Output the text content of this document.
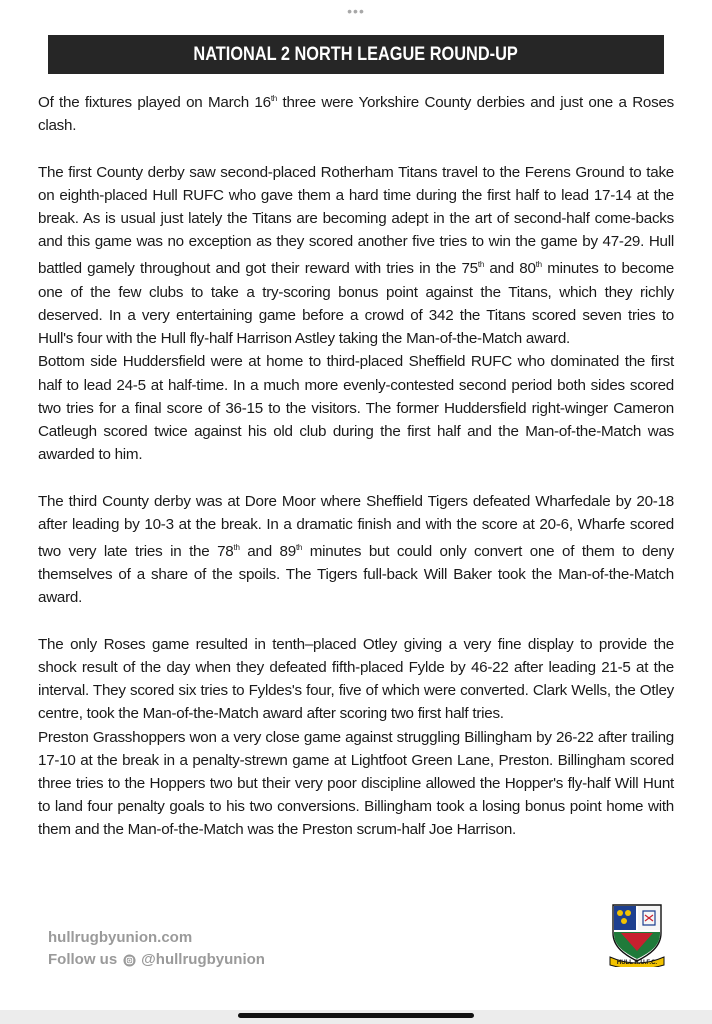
•••
NATIONAL 2 NORTH LEAGUE ROUND-UP

Of the fixtures played on March 16th three were Yorkshire County derbies and just one a Roses clash.

The first County derby saw second-placed Rotherham Titans travel to the Ferens Ground to take on eighth-placed Hull RUFC who gave them a hard time during the first half to lead 17-14 at the break. As is usual just lately the Titans are becoming adept in the art of second-half come-backs and this game was no exception as they scored another five tries to win the game by 47-29. Hull battled gamely throughout and got their reward with tries in the 75th and 80th minutes to become one of the few clubs to take a try-scoring bonus point against the Titans, which they richly deserved. In a very entertaining game before a crowd of 342 the Titans scored seven tries to Hull's four with the Hull fly-half Harrison Astley taking the Man-of-the-Match award.

Bottom side Huddersfield were at home to third-placed Sheffield RUFC who dominated the first half to lead 24-5 at half-time. In a much more evenly-contested second period both sides scored two tries for a final score of 36-15 to the visitors. The former Huddersfield right-winger Cameron Catleugh scored twice against his old club during the first half and the Man-of-the-Match was awarded to him.

The third County derby was at Dore Moor where Sheffield Tigers defeated Wharfedale by 20-18 after leading by 10-3 at the break. In a dramatic finish and with the score at 20-6, Wharfe scored two very late tries in the 78th and 89th minutes but could only convert one of them to deny themselves of a share of the spoils. The Tigers full-back Will Baker took the Man-of-the-Match award.

The only Roses game resulted in tenth–placed Otley giving a very fine display to provide the shock result of the day when they defeated fifth-placed Fylde by 46-22 after leading 21-5 at the interval. They scored six tries to Fyldes's four, five of which were converted. Clark Wells, the Otley centre, took the Man-of-the-Match award after scoring two first half tries.

Preston Grasshoppers won a very close game against struggling Billingham by 26-22 after trailing 17-10 at the break in a penalty-strewn game at Lightfoot Green Lane, Preston. Billingham scored three tries to the Hoppers two but their very poor discipline allowed the Hopper's fly-half Will Hunt to land four penalty goals to his two conversions. Billingham took a losing bonus point home with them and the Man-of-the-Match was the Preston scrum-half Joe Harrison.

hullrugbyunion.com
Follow us @hullrugbyunion	HULL R.U.F.C.
